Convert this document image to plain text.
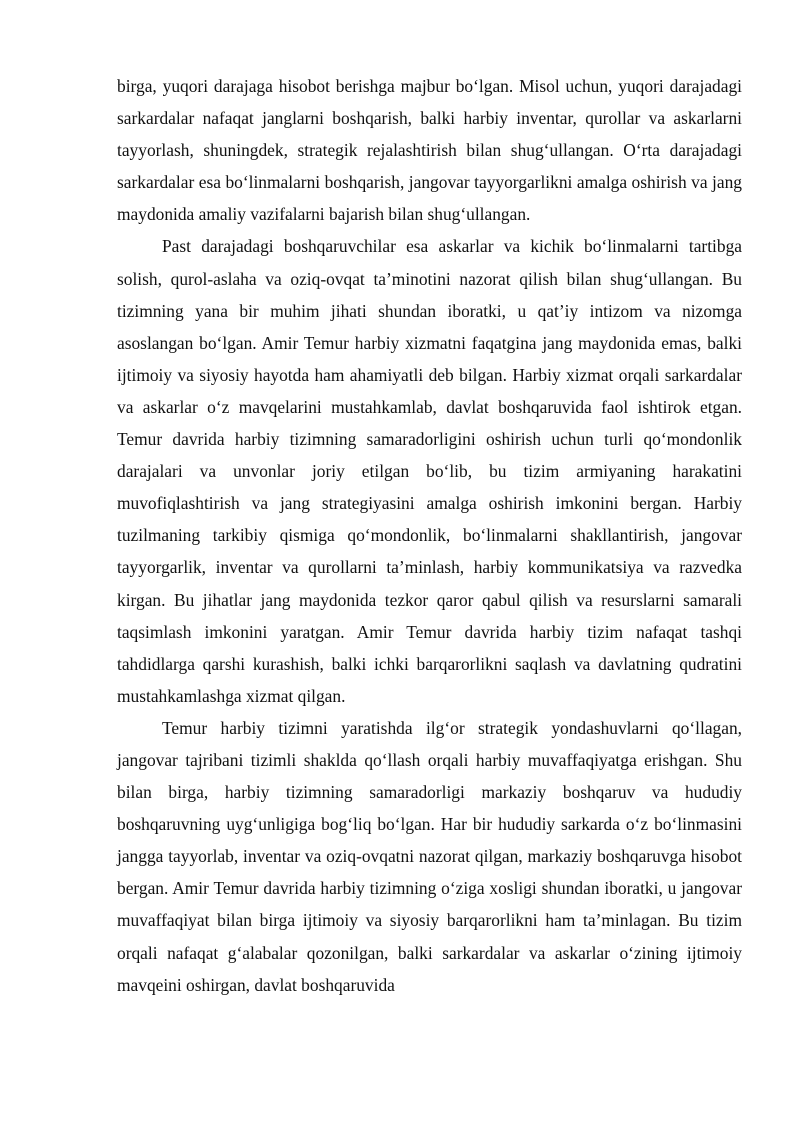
birga, yuqori darajaga hisobot berishga majbur bo‘lgan. Misol uchun, yuqori darajadagi sarkardalar nafaqat janglarni boshqarish, balki harbiy inventar, qurollar va askarlarni tayyorlash, shuningdek, strategik rejalashtirish bilan shug‘ullangan. O‘rta darajadagi sarkardalar esa bo‘linmalarni boshqarish, jangovar tayyorgarlikni amalga oshirish va jang maydonida amaliy vazifalarni bajarish bilan shug‘ullangan.

Past darajadagi boshqaruvchilar esa askarlar va kichik bo‘linmalarni tartibga solish, qurol-aslaha va oziq-ovqat ta’minotini nazorat qilish bilan shug‘ullangan. Bu tizimning yana bir muhim jihati shundan iboratki, u qat’iy intizom va nizomga asoslangan bo‘lgan. Amir Temur harbiy xizmatni faqatgina jang maydonida emas, balki ijtimoiy va siyosiy hayotda ham ahamiyatli deb bilgan. Harbiy xizmat orqali sarkardalar va askarlar o‘z mavqelarini mustahkamlab, davlat boshqaruvida faol ishtirok etgan. Temur davrida harbiy tizimning samaradorligini oshirish uchun turli qo‘mondonlik darajalari va unvonlar joriy etilgan bo‘lib, bu tizim armiyaning harakatini muvofiqlashtirish va jang strategiyasini amalga oshirish imkonini bergan. Harbiy tuzilmaning tarkibiy qismiga qo‘mondonlik, bo‘linmalarni shakllantirish, jangovar tayyorgarlik, inventar va qurollarni ta’minlash, harbiy kommunikatsiya va razvedka kirgan. Bu jihatlar jang maydonida tezkor qaror qabul qilish va resurslarni samarali taqsimlash imkonini yaratgan. Amir Temur davrida harbiy tizim nafaqat tashqi tahdidlarga qarshi kurashish, balki ichki barqarorlikni saqlash va davlatning qudratini mustahkamlashga xizmat qilgan.

Temur harbiy tizimni yaratishda ilg‘or strategik yondashuvlarni qo‘llagan, jangovar tajribani tizimli shaklda qo‘llash orqali harbiy muvaffaqiyatga erishgan. Shu bilan birga, harbiy tizimning samaradorligi markaziy boshqaruv va hududiy boshqaruvning uyg‘unligiga bog‘liq bo‘lgan. Har bir hududiy sarkarda o‘z bo‘linmasini jangga tayyorlab, inventar va oziq-ovqatni nazorat qilgan, markaziy boshqaruvga hisobot bergan. Amir Temur davrida harbiy tizimning o‘ziga xosligi shundan iboratki, u jangovar muvaffaqiyat bilan birga ijtimoiy va siyosiy barqarorlikni ham ta’minlagan. Bu tizim orqali nafaqat g‘alabalar qozonilgan, balki sarkardalar va askarlar o‘zining ijtimoiy mavqeini oshirgan, davlat boshqaruvida
